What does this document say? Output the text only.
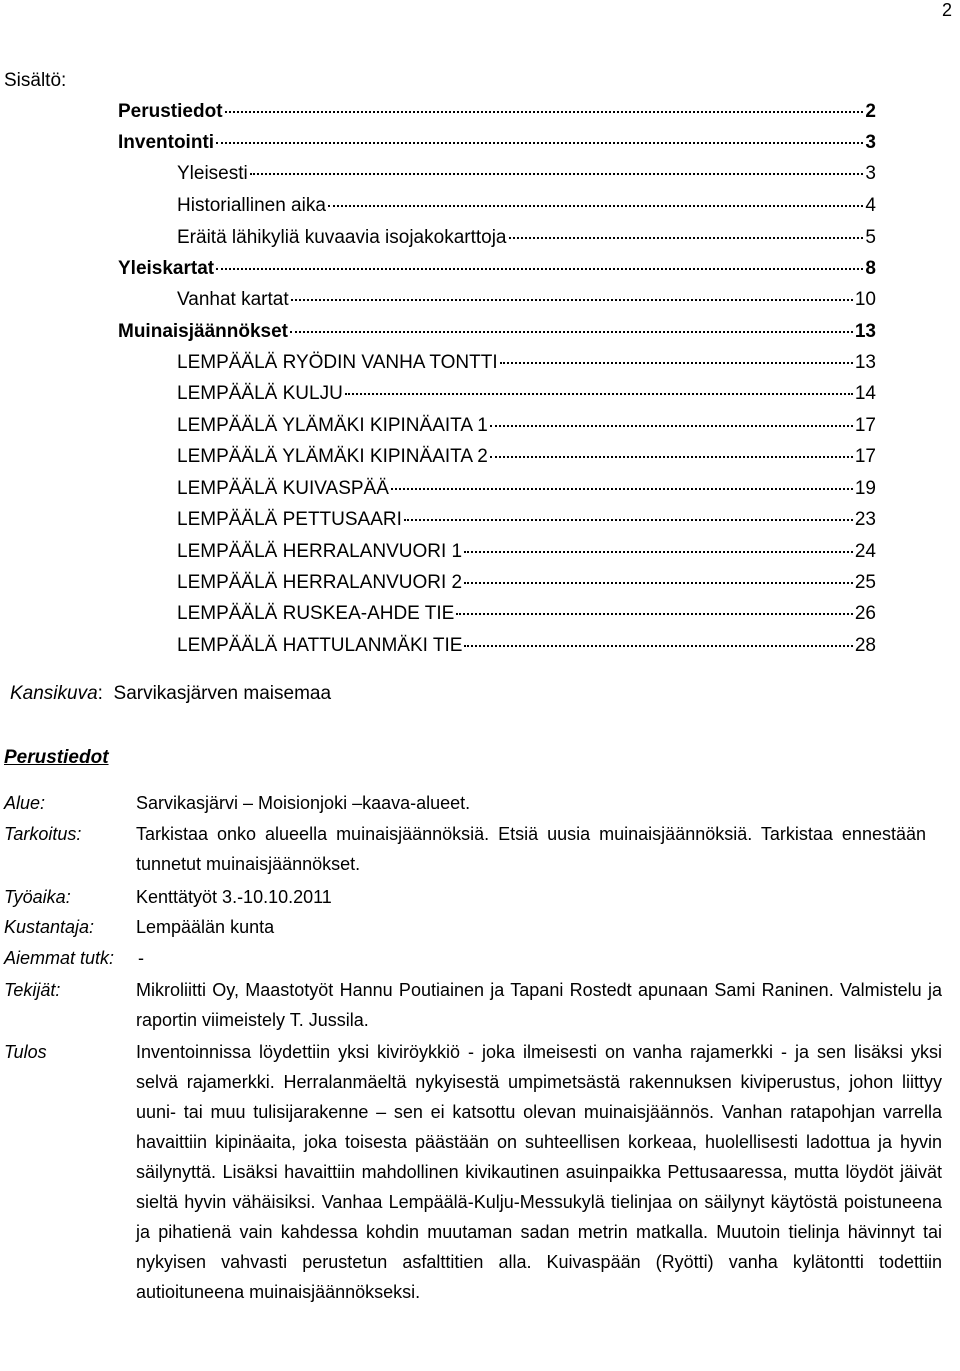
2
Sisältö:
Perustiedot	2
Inventointi	3
Yleisesti	3
Historiallinen aika	4
Eräitä lähikyliä kuvaavia isojakokarttoja	5
Yleiskartat	8
Vanhat kartat	10
Muinaisjäännökset	13
LEMPÄÄLÄ RYÖDIN VANHA TONTTI	13
LEMPÄÄLÄ KULJU	14
LEMPÄÄLÄ YLÄMÄKI KIPINÄAITA 1	17
LEMPÄÄLÄ YLÄMÄKI KIPINÄAITA 2	17
LEMPÄÄLÄ KUIVASPÄÄ	19
LEMPÄÄLÄ PETTUSAARI	23
LEMPÄÄLÄ HERRALANVUORI 1	24
LEMPÄÄLÄ HERRALANVUORI 2	25
LEMPÄÄLÄ RUSKEA-AHDE TIE	26
LEMPÄÄLÄ HATTULANMÄKI TIE	28
Kansikuva:  Sarvikasjärven maisemaa
Perustiedot
Alue:	Sarvikasjärvi – Moisionjoki –kaava-alueet.
Tarkoitus:	Tarkistaa onko alueella muinaisjäännöksiä. Etsiä uusia muinaisjäännöksiä. Tarkistaa ennestään tunnetut muinaisjäännökset.
Työaika:	Kenttätyöt 3.-10.10.2011
Kustantaja: Lempäälän kunta
Aiemmat tutk: -
Tekijät:	Mikroliitti Oy, Maastotyöt Hannu Poutiainen ja Tapani Rostedt apunaan Sami Raninen. Valmistelu ja raportin viimeistely T. Jussila.
Tulos	Inventoinnissa löydettiin yksi kiviröykkiö - joka ilmeisesti on vanha rajamerkki - ja sen lisäksi yksi selvä rajamerkki. Herralanmäeltä nykyisestä umpimetsästä rakennuksen kiviperustus, johon liittyy uuni- tai muu tulisijarakenne – sen ei katsottu olevan muinaisjäännös. Vanhan ratapohjan varrella havaittiin kipinäaita, joka toisesta päästään on suhteellisen korkeaa, huolellisesti ladottua ja hyvin säilynyttä. Lisäksi havaittiin mahdollinen kivikautinen asuinpaikka Pettusaaressa, mutta löydöt jäivät sieltä hyvin vähäisiksi. Vanhaa Lempäälä-Kulju-Messukylä tielinjaa on säilynyt käytöstä poistuneena ja pihatienä vain kahdessa kohdin muutaman sadan metrin matkalla. Muutoin tielinja hävinnyt tai nykyisen vahvasti perustetun asfalttitien alla. Kuivaspään (Ryötti) vanha kylätontti todettiin autioituneena muinaisjäännökseksi.
